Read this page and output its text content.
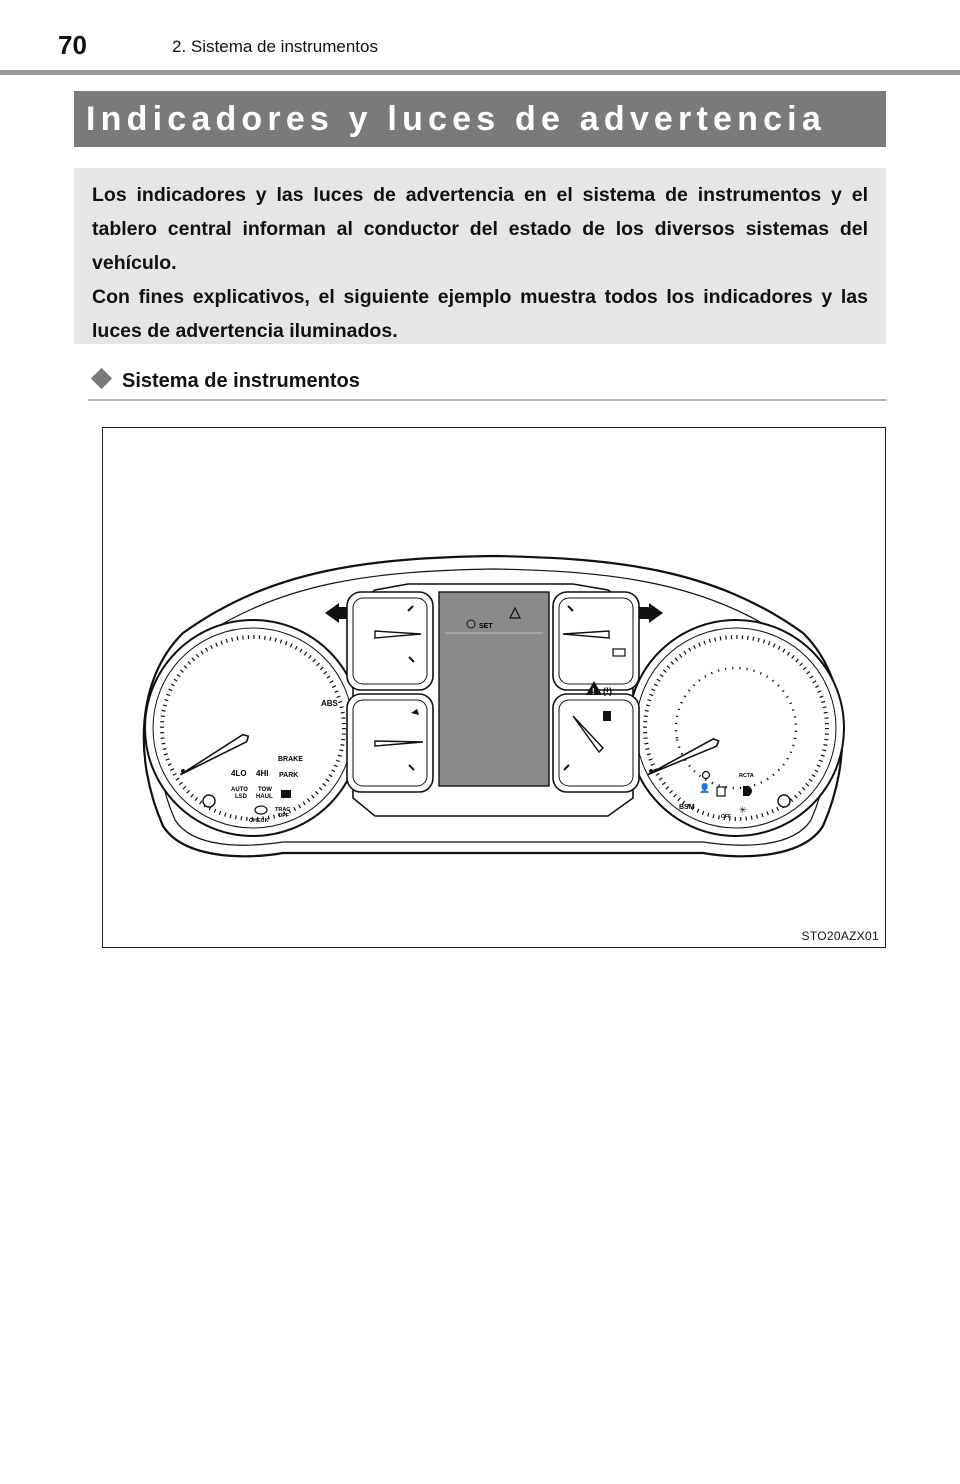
70	2. Sistema de instrumentos
Indicadores y luces de advertencia

Los indicadores y las luces de advertencia en el sistema de instrumentos y el tablero central informan al conductor del estado de los diversos sistemas del vehículo.

Con fines explicativos, el siguiente ejemplo muestra todos los indicadores y las luces de advertencia iluminados.

Sistema de instrumentos
ABS
BRAKE
4LO 4HI PARK
AUTO
LSD
TOW
HAUL
TRAC
OFF
CHECK
RCTA
BSM
👤
OFF
✳
! (!)
SET
STO20AZX01
